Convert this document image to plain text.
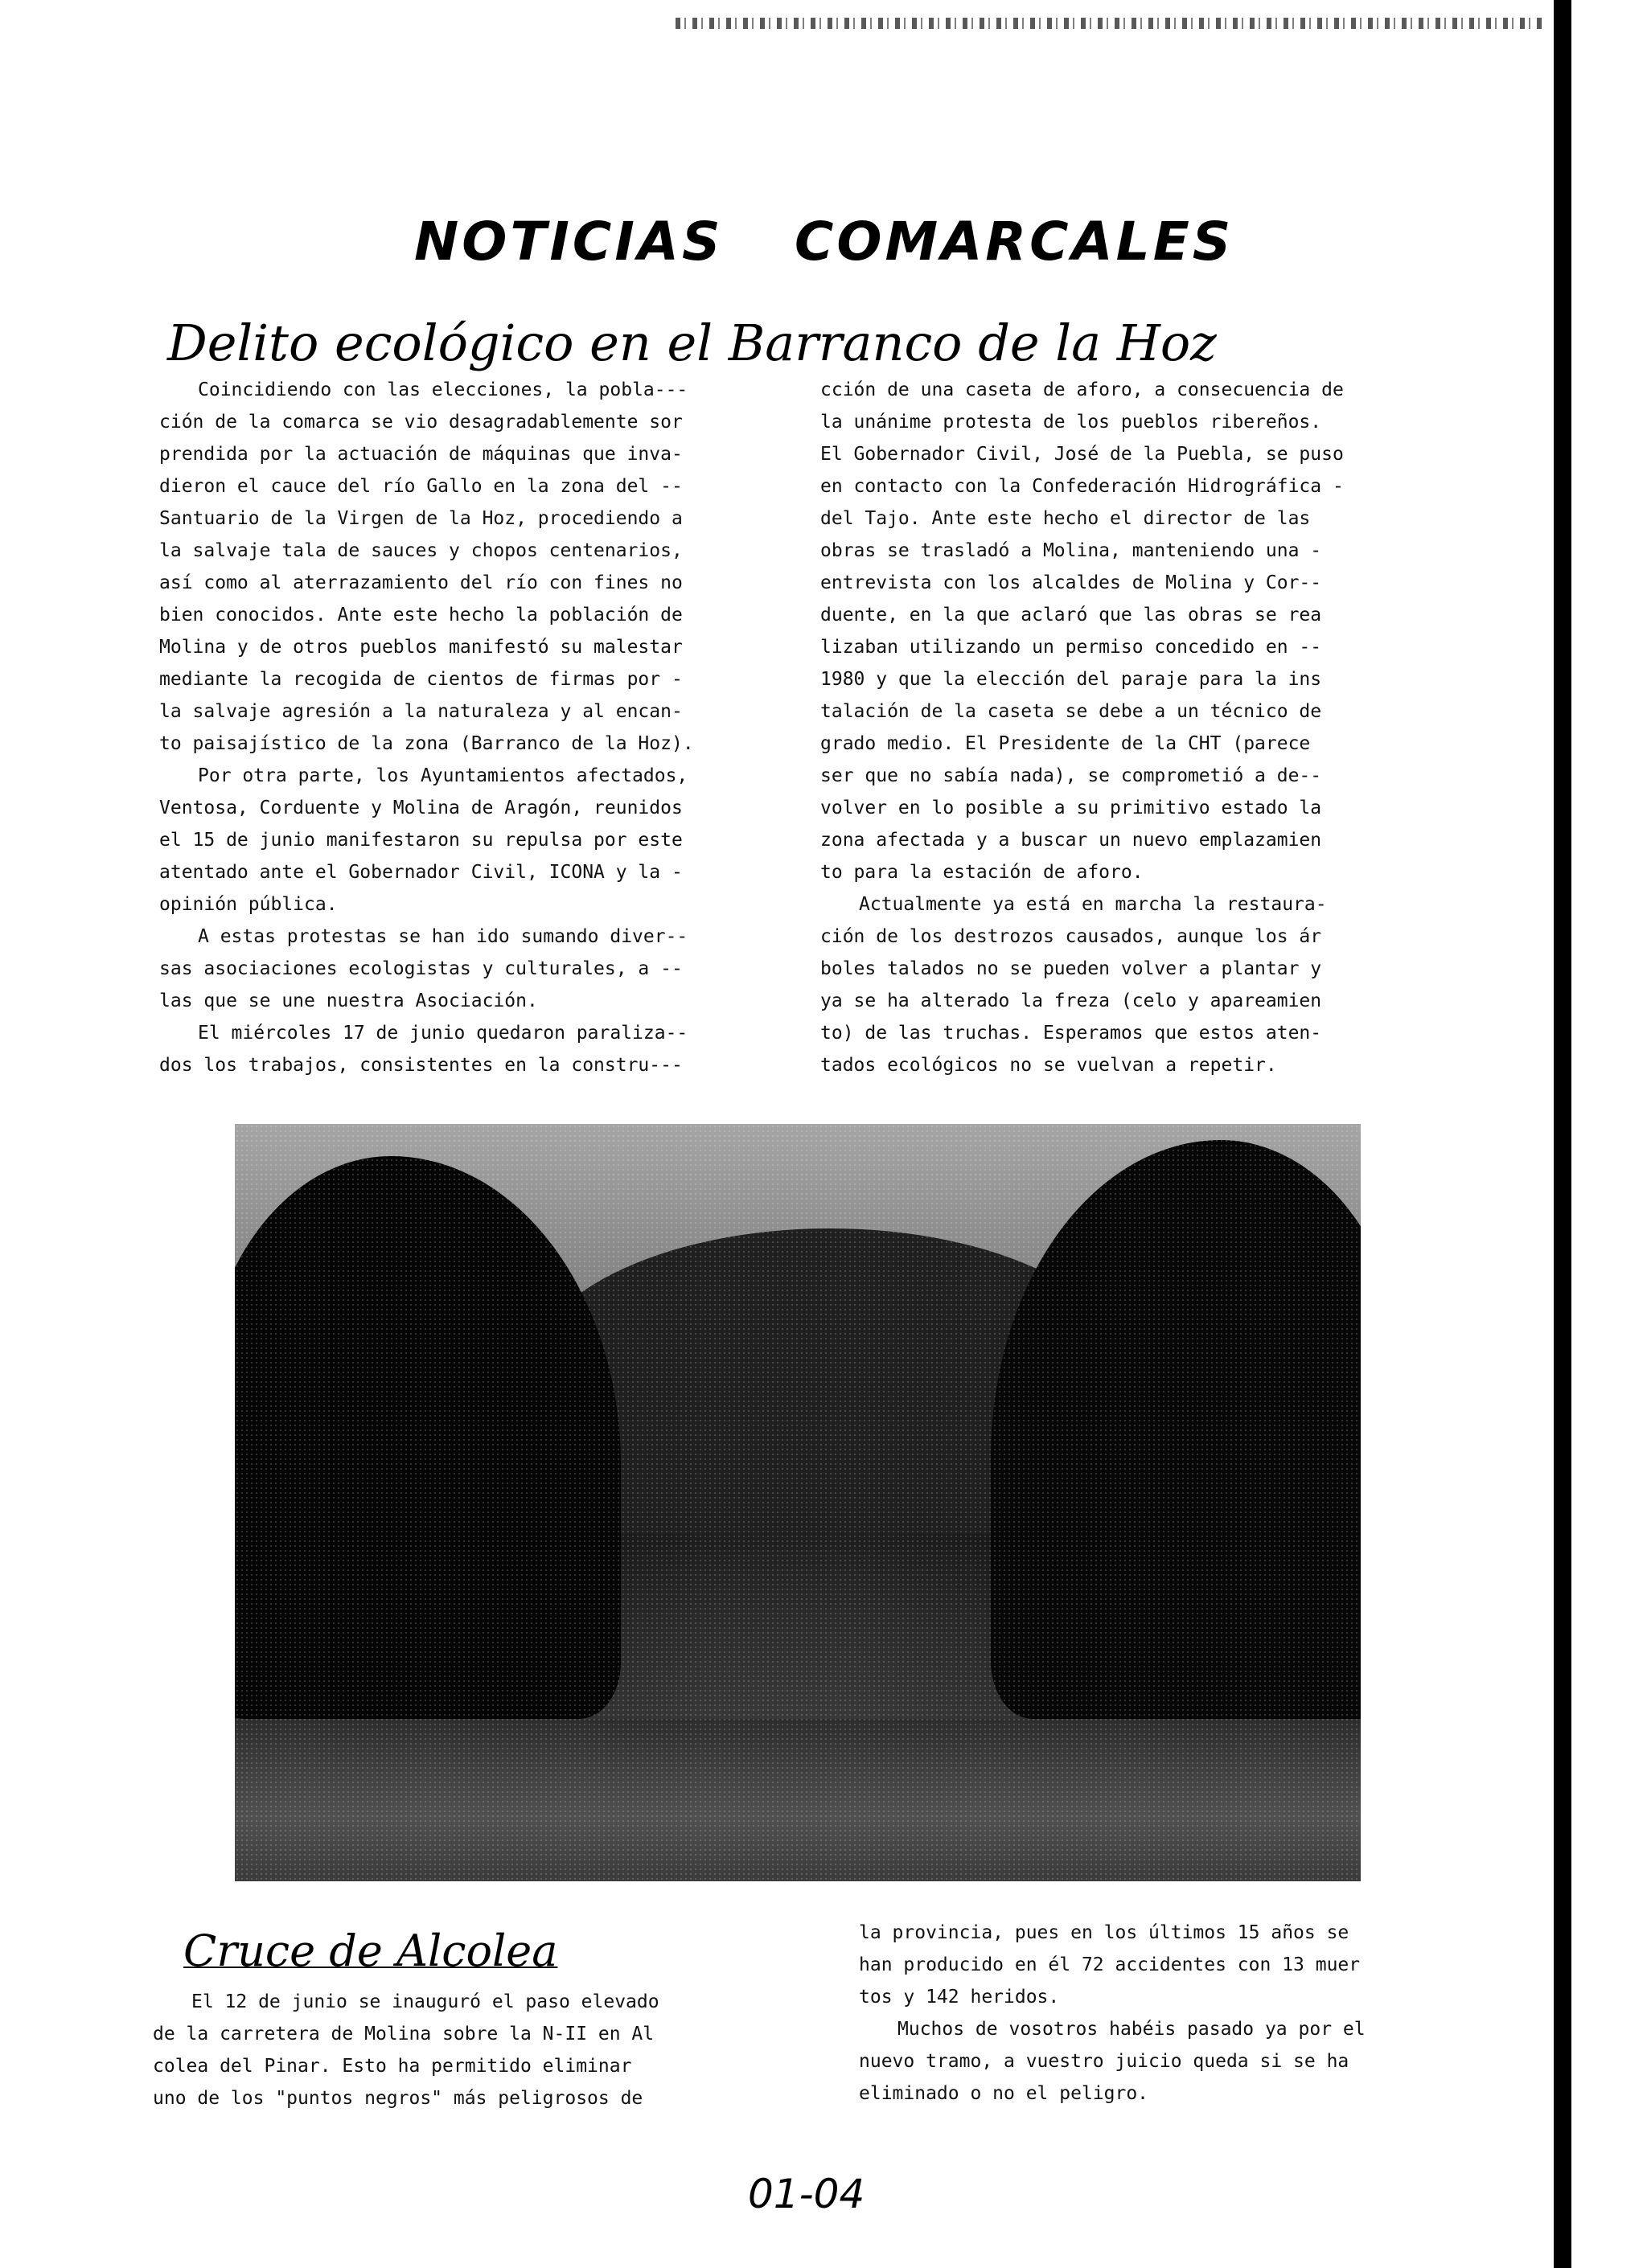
NOTICIAS COMARCALES
Delito ecológico en el Barranco de la Hoz
Coincidiendo con las elecciones, la pobla---
ción de la comarca se vio desagradablemente sor
prendida por la actuación de máquinas que inva-
dieron el cauce del río Gallo en la zona del --
Santuario de la Virgen de la Hoz, procediendo a
la salvaje tala de sauces y chopos centenarios,
así como al aterrazamiento del río con fines no
bien conocidos. Ante este hecho la población de
Molina y de otros pueblos manifestó su malestar
mediante la recogida de cientos de firmas por -
la salvaje agresión a la naturaleza y al encan-
to paisajístico de la zona (Barranco de la Hoz).
Por otra parte, los Ayuntamientos afectados,
Ventosa, Corduente y Molina de Aragón, reunidos
el 15 de junio manifestaron su repulsa por este
atentado ante el Gobernador Civil, ICONA y la -
opinión pública.
A estas protestas se han ido sumando diver--
sas asociaciones ecologistas y culturales, a --
las que se une nuestra Asociación.
El miércoles 17 de junio quedaron paraliza--
dos los trabajos, consistentes en la constru---
cción de una caseta de aforo, a consecuencia de
la unánime protesta de los pueblos ribereños.
El Gobernador Civil, José de la Puebla, se puso
en contacto con la Confederación Hidrográfica -
del Tajo. Ante este hecho el director de las
obras se trasladó a Molina, manteniendo una -
entrevista con los alcaldes de Molina y Cor--
duente, en la que aclaró que las obras se rea
lizaban utilizando un permiso concedido en --
1980 y que la elección del paraje para la ins
talación de la caseta se debe a un técnico de
grado medio. El Presidente de la CHT (parece
ser que no sabía nada), se comprometió a de--
volver en lo posible a su primitivo estado la
zona afectada y a buscar un nuevo emplazamien
to para la estación de aforo.
Actualmente ya está en marcha la restaura-
ción de los destrozos causados, aunque los ár
boles talados no se pueden volver a plantar y
ya se ha alterado la freza (celo y apareamien
to) de las truchas. Esperamos que estos aten-
tados ecológicos no se vuelvan a repetir.
Cruce de Alcolea
El 12 de junio se inauguró el paso elevado
de la carretera de Molina sobre la N-II en Al
colea del Pinar. Esto ha permitido eliminar
uno de los "puntos negros" más peligrosos de
la provincia, pues en los últimos 15 años se
han producido en él 72 accidentes con 13 muer
tos y 142 heridos.
Muchos de vosotros habéis pasado ya por el
nuevo tramo, a vuestro juicio queda si se ha
eliminado o no el peligro.
01-04
